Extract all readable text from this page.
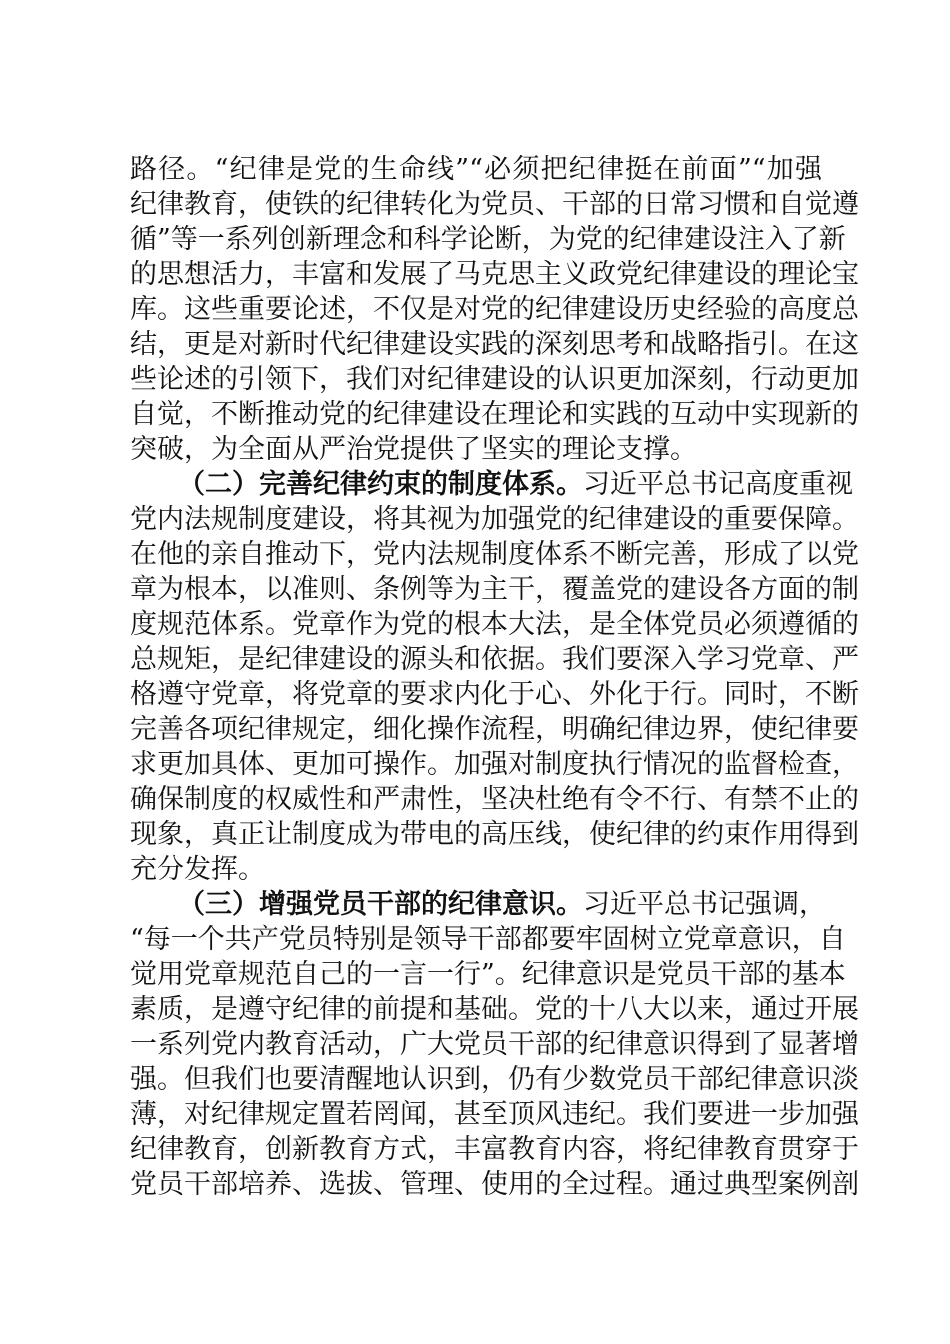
路径。“纪律是党的生命线”“必须把纪律挺在前面”“加强
纪律教育，使铁的纪律转化为党员、干部的日常习惯和自觉遵
循”等一系列创新理念和科学论断，为党的纪律建设注入了新
的思想活力，丰富和发展了马克思主义政党纪律建设的理论宝
库。这些重要论述，不仅是对党的纪律建设历史经验的高度总
结，更是对新时代纪律建设实践的深刻思考和战略指引。在这
些论述的引领下，我们对纪律建设的认识更加深刻，行动更加
自觉，不断推动党的纪律建设在理论和实践的互动中实现新的
突破，为全面从严治党提供了坚实的理论支撑。
（二）完善纪律约束的制度体系。习近平总书记高度重视
党内法规制度建设，将其视为加强党的纪律建设的重要保障。
在他的亲自推动下，党内法规制度体系不断完善，形成了以党
章为根本，以准则、条例等为主干，覆盖党的建设各方面的制
度规范体系。党章作为党的根本大法，是全体党员必须遵循的
总规矩，是纪律建设的源头和依据。我们要深入学习党章、严
格遵守党章，将党章的要求内化于心、外化于行。同时，不断
完善各项纪律规定，细化操作流程，明确纪律边界，使纪律要
求更加具体、更加可操作。加强对制度执行情况的监督检查，
确保制度的权威性和严肃性，坚决杜绝有令不行、有禁不止的
现象，真正让制度成为带电的高压线，使纪律的约束作用得到
充分发挥。
（三）增强党员干部的纪律意识。习近平总书记强调，
“每一个共产党员特别是领导干部都要牢固树立党章意识，自
觉用党章规范自己的一言一行”。纪律意识是党员干部的基本
素质，是遵守纪律的前提和基础。党的十八大以来，通过开展
一系列党内教育活动，广大党员干部的纪律意识得到了显著增
强。但我们也要清醒地认识到，仍有少数党员干部纪律意识淡
薄，对纪律规定置若罔闻，甚至顶风违纪。我们要进一步加强
纪律教育，创新教育方式，丰富教育内容，将纪律教育贯穿于
党员干部培养、选拔、管理、使用的全过程。通过典型案例剖
